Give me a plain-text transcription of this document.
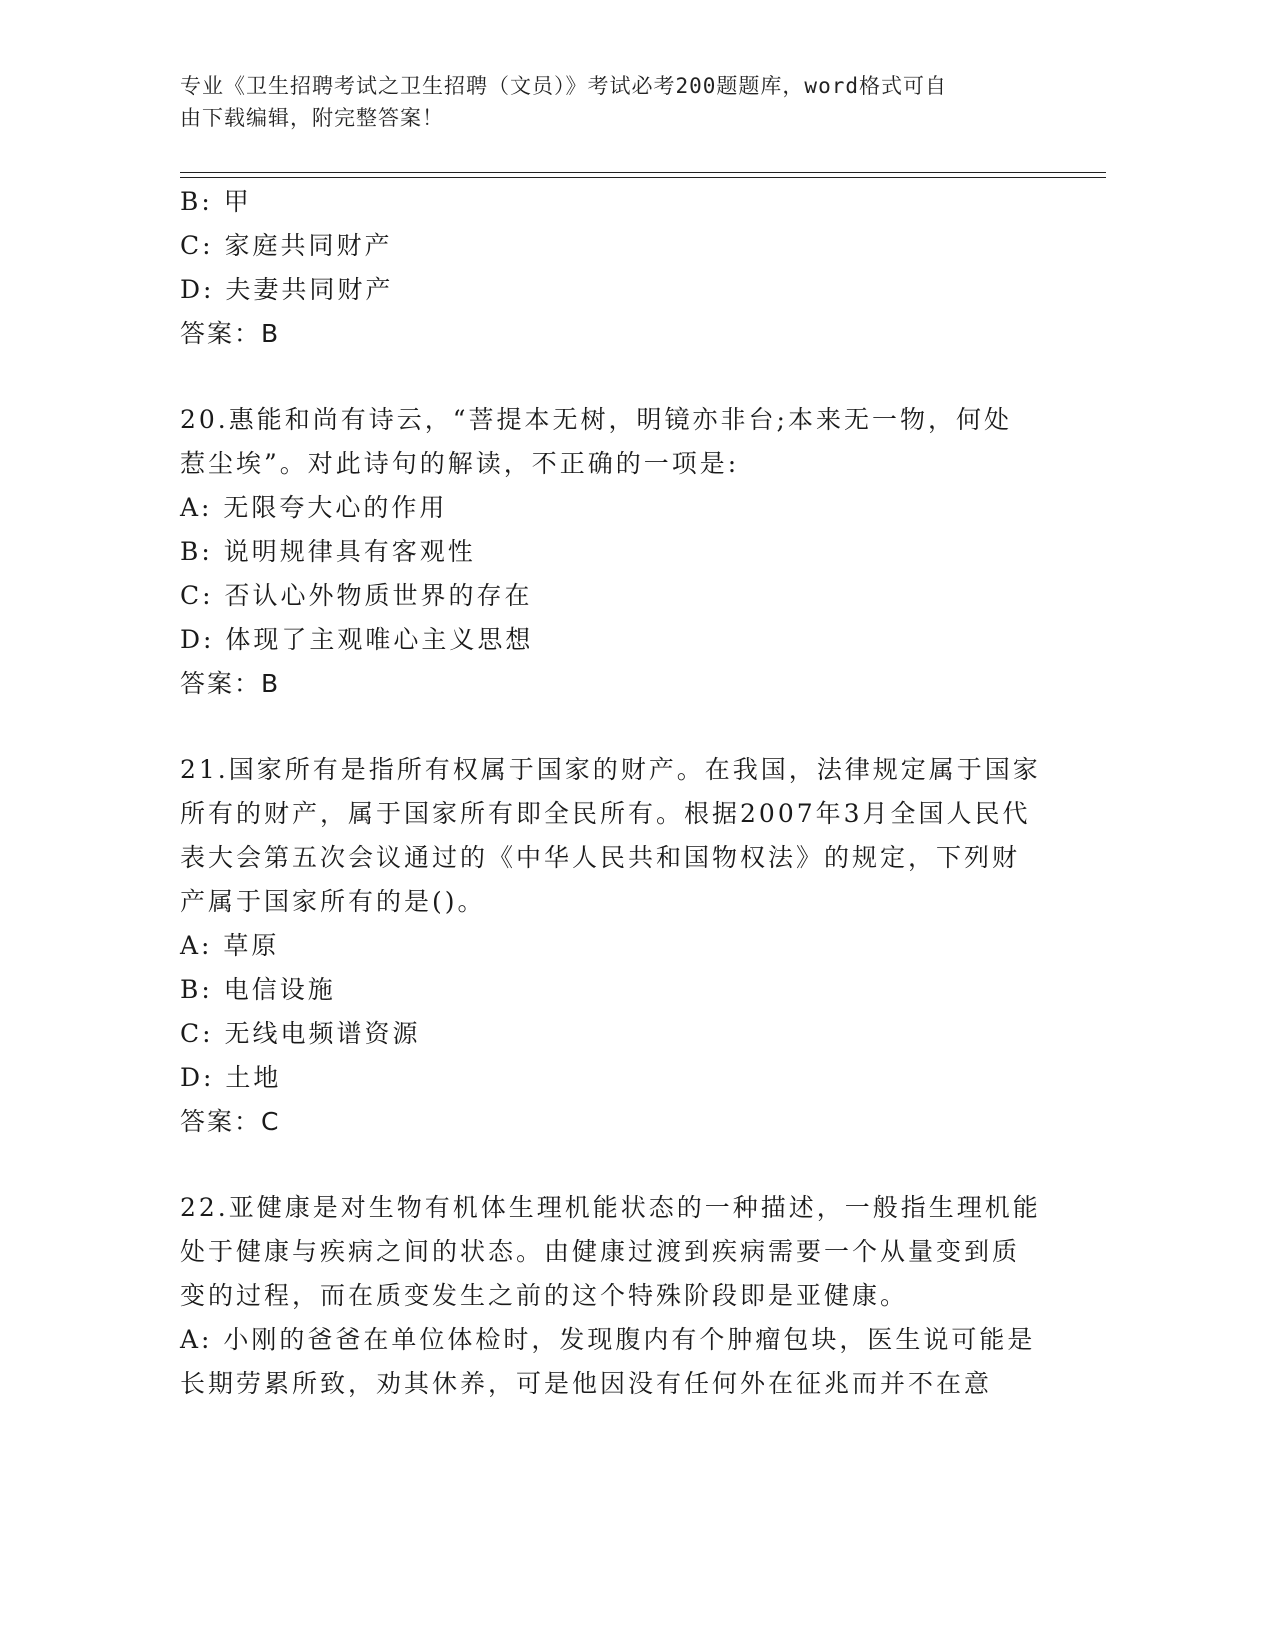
专业《卫生招聘考试之卫生招聘（文员）》考试必考200题题库，word格式可自
由下载编辑，附完整答案！
B: 甲
C: 家庭共同财产
D: 夫妻共同财产
答案：B
20.惠能和尚有诗云，“菩提本无树，明镜亦非台;本来无一物，何处
惹尘埃”。对此诗句的解读，不正确的一项是:
A: 无限夸大心的作用
B: 说明规律具有客观性
C: 否认心外物质世界的存在
D: 体现了主观唯心主义思想
答案：B
21.国家所有是指所有权属于国家的财产。在我国，法律规定属于国家
所有的财产，属于国家所有即全民所有。根据2007年3月全国人民代
表大会第五次会议通过的《中华人民共和国物权法》的规定，下列财
产属于国家所有的是()。
A: 草原
B: 电信设施
C: 无线电频谱资源
D: 土地
答案：C
22.亚健康是对生物有机体生理机能状态的一种描述，一般指生理机能
处于健康与疾病之间的状态。由健康过渡到疾病需要一个从量变到质
变的过程，而在质变发生之前的这个特殊阶段即是亚健康。
A: 小刚的爸爸在单位体检时，发现腹内有个肿瘤包块，医生说可能是
长期劳累所致，劝其休养，可是他因没有任何外在征兆而并不在意
